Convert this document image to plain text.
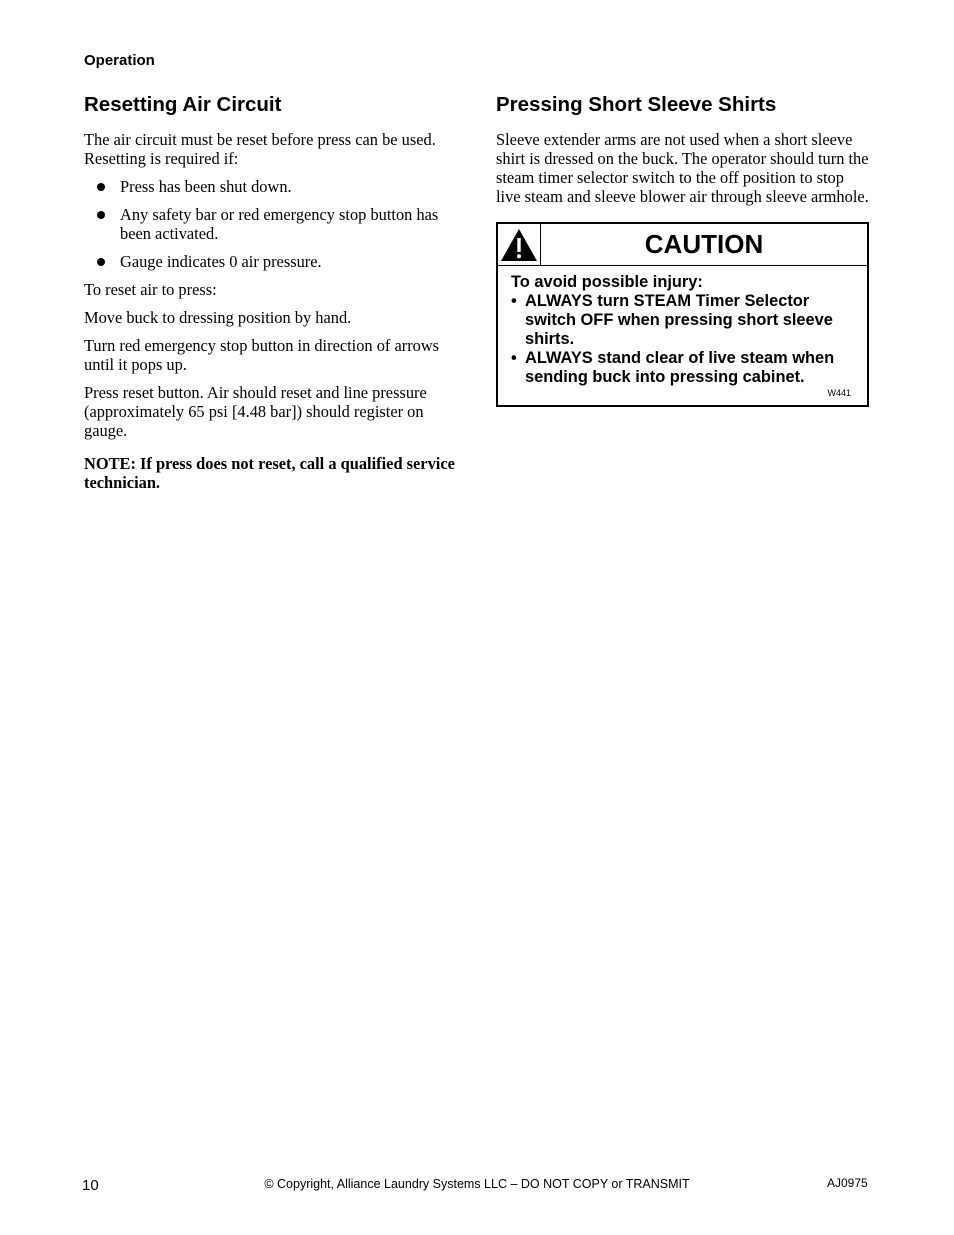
Operation
Resetting Air Circuit

The air circuit must be reset before press can be used. Resetting is required if:

Press has been shut down.
Any safety bar or red emergency stop button has been activated.
Gauge indicates 0 air pressure.

To reset air to press:

Move buck to dressing position by hand.

Turn red emergency stop button in direction of arrows until it pops up.

Press reset button. Air should reset and line pressure (approximately 65 psi [4.48 bar]) should register on gauge.

NOTE: If press does not reset, call a qualified service technician.

Pressing Short Sleeve Shirts

Sleeve extender arms are not used when a short sleeve shirt is dressed on the buck. The operator should turn the steam timer selector switch to the off position to stop live steam and sleeve blower air through sleeve armhole.

CAUTION
To avoid possible injury:
• ALWAYS turn STEAM Timer Selector switch OFF when pressing short sleeve shirts.
• ALWAYS stand clear of live steam when sending buck into pressing cabinet.
W441
10	© Copyright, Alliance Laundry Systems LLC – DO NOT COPY or TRANSMIT	AJ0975
